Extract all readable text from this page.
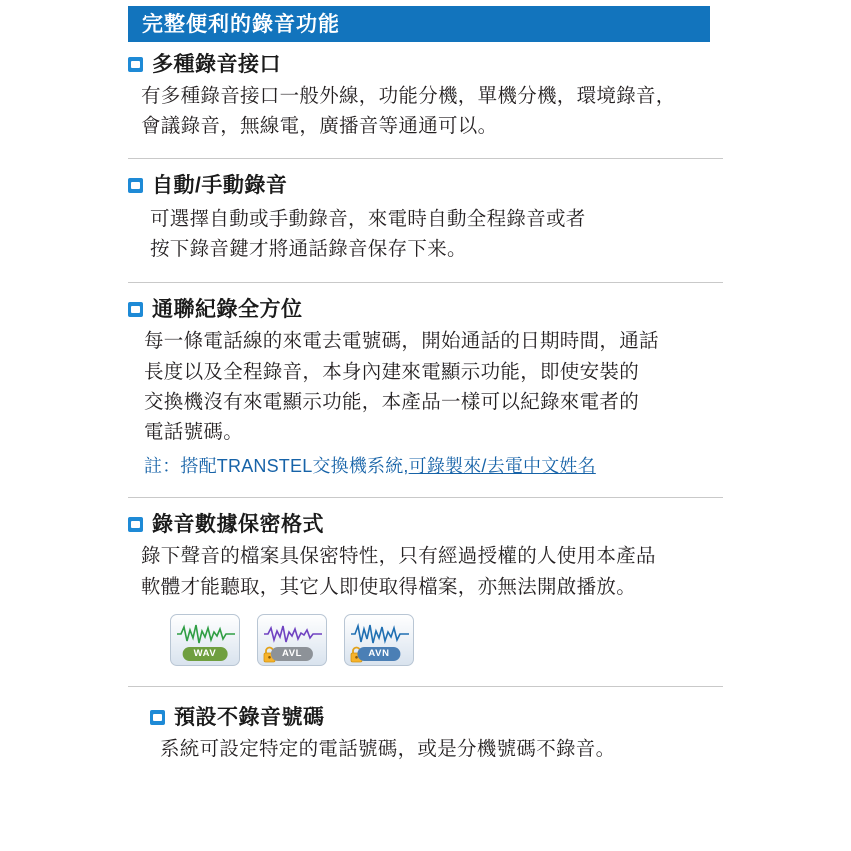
完整便利的錄音功能
多種錄音接口
有多種錄音接口一般外線，功能分機，單機分機，環境錄音，
會議錄音，無線電，廣播音等通通可以。
自動/手動錄音
可選擇自動或手動錄音，來電時自動全程錄音或者
按下錄音鍵才將通話錄音保存下来。
通聯紀錄全方位
每一條電話線的來電去電號碼，開始通話的日期時間，通話
長度以及全程錄音，本身內建來電顯示功能，即使安裝的
交換機沒有來電顯示功能，本產品一樣可以紀錄來電者的
電話號碼。
註：搭配TRANSTEL交換機系統,可錄製來/去電中文姓名
錄音數據保密格式
錄下聲音的檔案具保密特性，只有經過授權的人使用本產品
軟體才能聽取，其它人即使取得檔案，亦無法開啟播放。
WAV	AVL	AVN
預設不錄音號碼
系統可設定特定的電話號碼，或是分機號碼不錄音。
